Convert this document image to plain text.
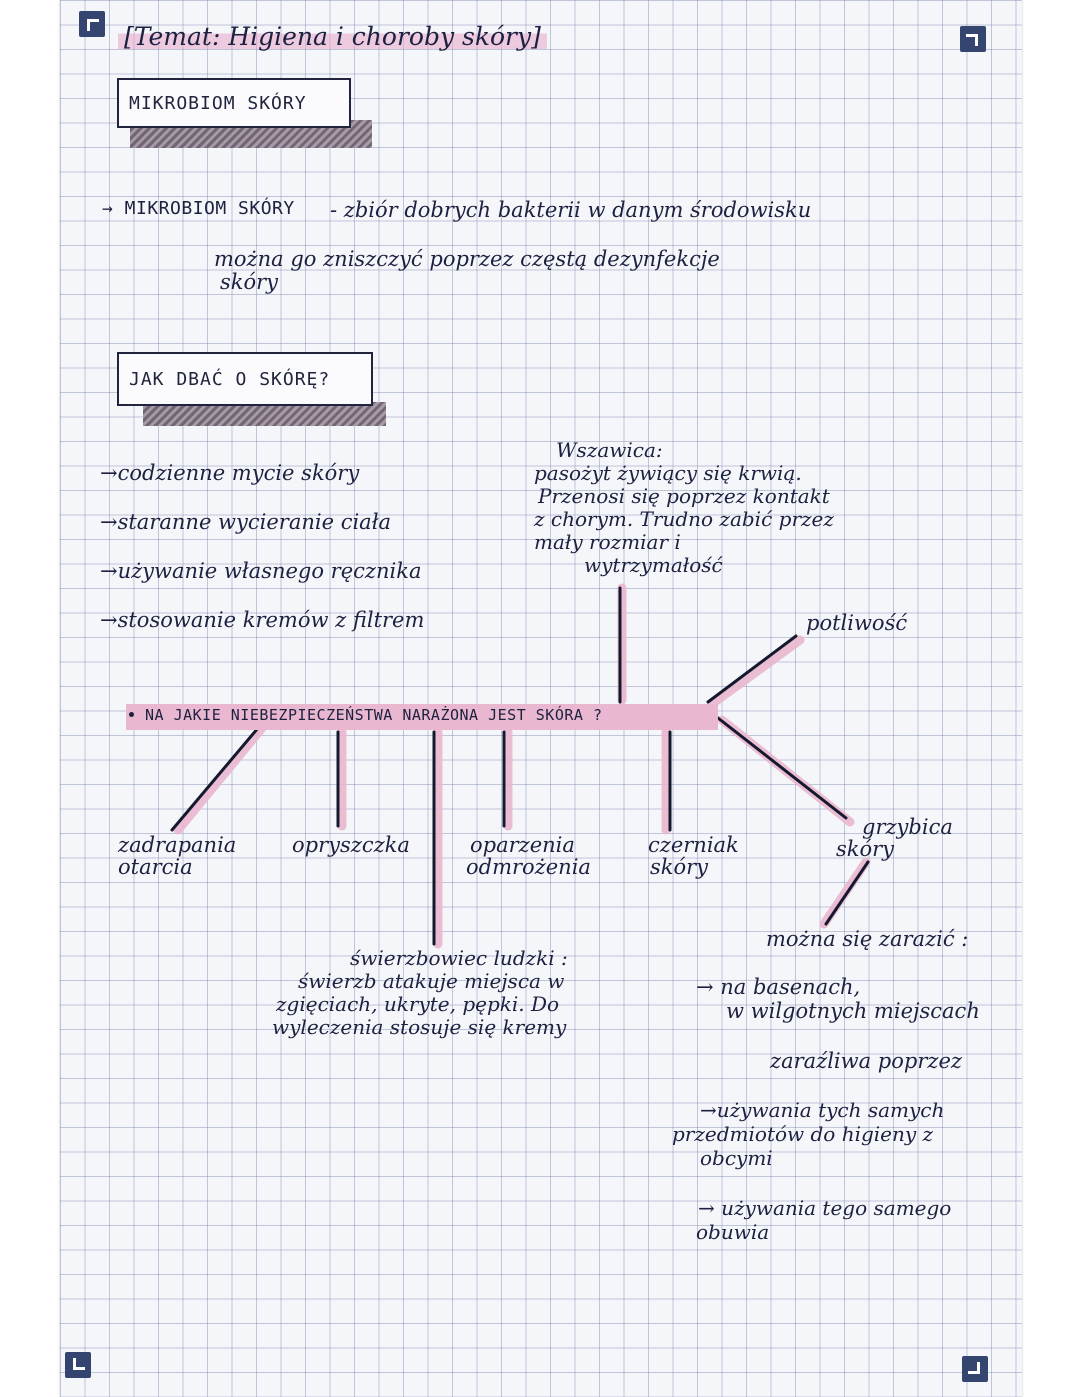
[Temat: Higiena i choroby skóry]
MIKROBIOM SKÓRY
→ MIKROBIOM SKÓRY - zbiór dobrych bakterii w danym środowisku
można go zniszczyć poprzez częstą dezynfekcje
skóry
JAK DBAĆ O SKÓRĘ?
→codzienne mycie skóry
→staranne wycieranie ciała
→używanie własnego ręcznika
→stosowanie kremów z filtrem
Wszawica:
pasożyt żywiący się krwią.
Przenosi się poprzez kontakt
z chorym. Trudno zabić przez
mały rozmiar i
wytrzymałość
NA JAKIE NIEBEZPIECZEŃSTWA NARAŻONA JEST SKÓRA ?
potliwość
zadrapania
otarcia
opryszczka	oparzenia
odmrożenia
czerniak
skóry
grzybica
skóry
świerzbowiec ludzki :
świerzb atakuje miejsca w
zgięciach, ukryte, pępki. Do
wyleczenia stosuje się kremy
można się zarazić :
→ na basenach,
w wilgotnych miejscach
zaraźliwa poprzez
→używania tych samych
przedmiotów do higieny z
obcymi
→ używania tego samego
obuwia
